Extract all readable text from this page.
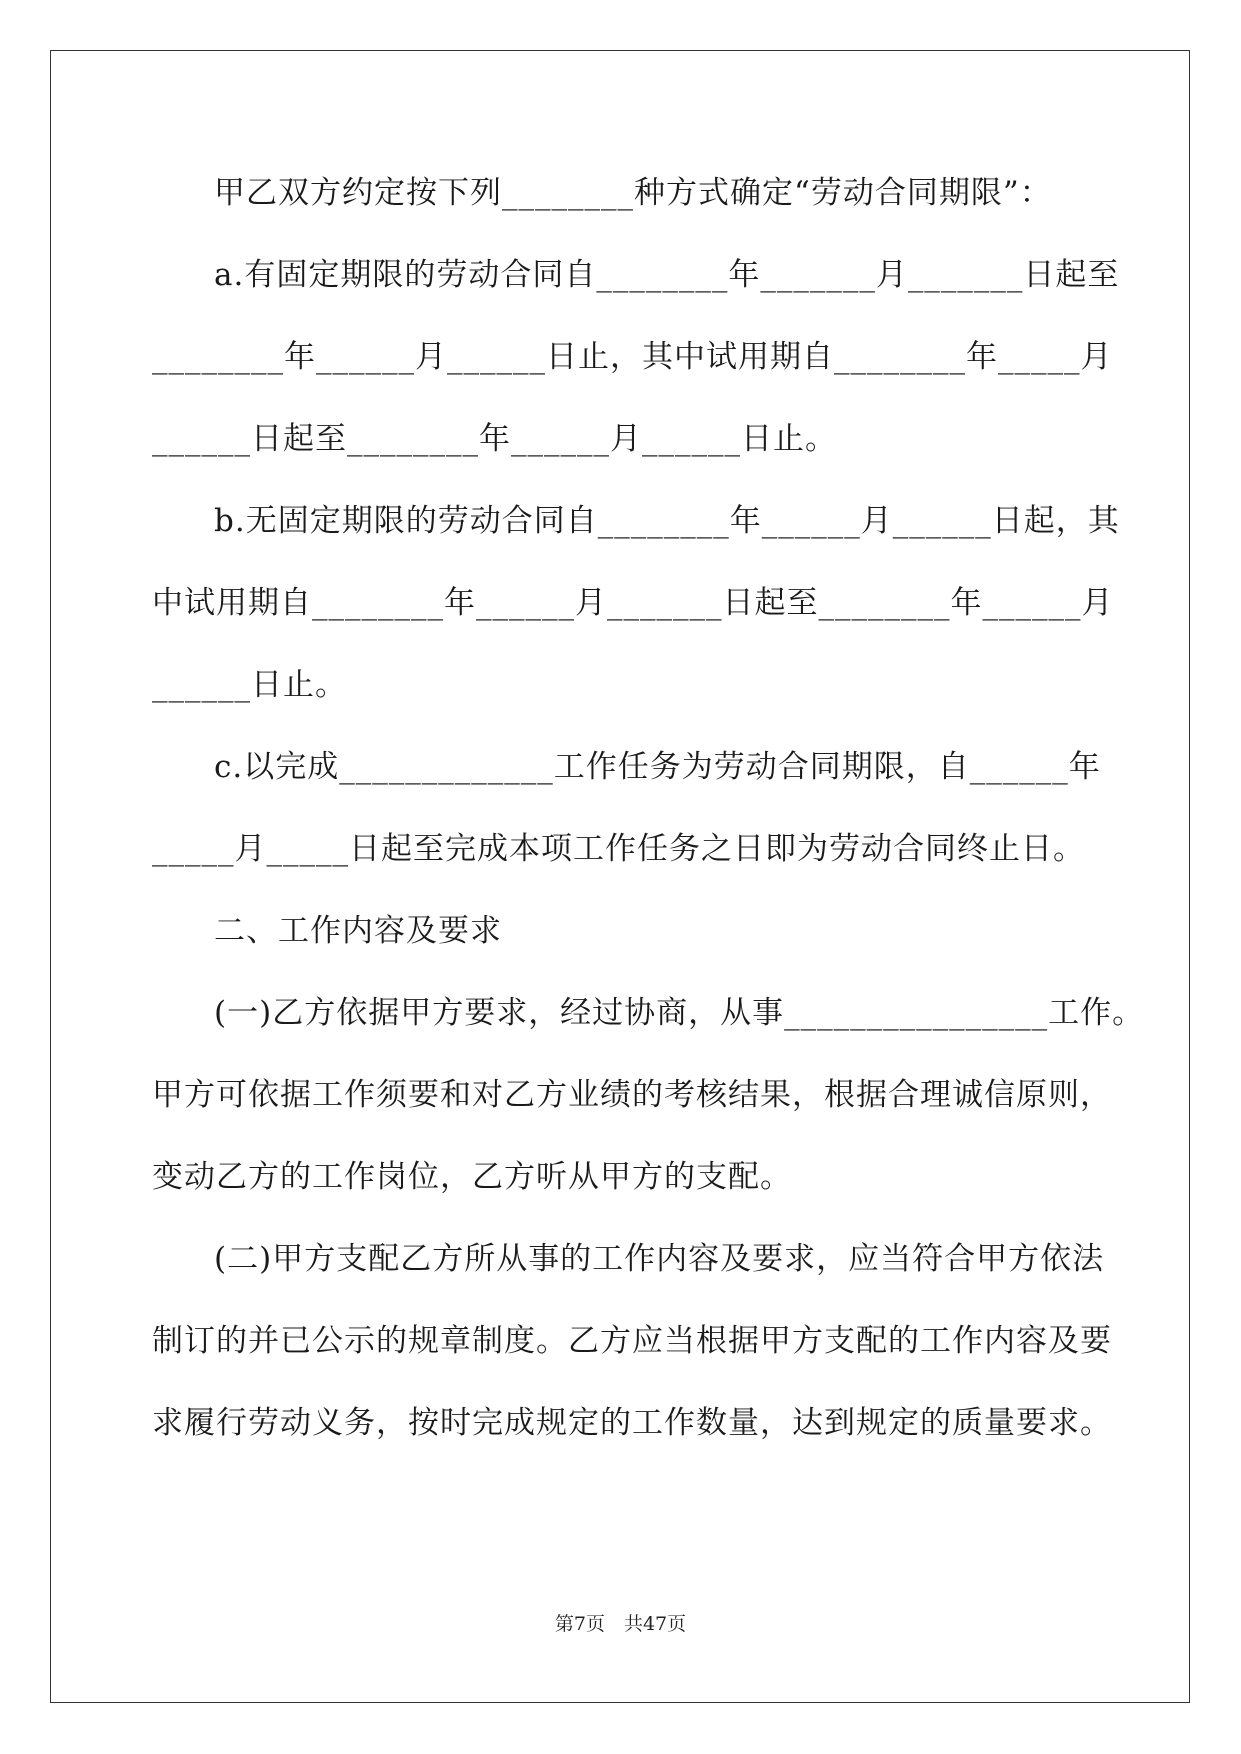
甲乙双方约定按下列________种方式确定“劳动合同期限”：

a.有固定期限的劳动合同自________年_______月_______日起至

________年______月______日止，其中试用期自________年_____月

______日起至________年______月______日止。

b.无固定期限的劳动合同自________年______月______日起，其

中试用期自________年______月_______日起至________年______月

______日止。

c.以完成_____________工作任务为劳动合同期限，自______年

_____月_____日起至完成本项工作任务之日即为劳动合同终止日。

二、工作内容及要求

(一)乙方依据甲方要求，经过协商，从事________________工作。

甲方可依据工作须要和对乙方业绩的考核结果，根据合理诚信原则，

变动乙方的工作岗位，乙方听从甲方的支配。

(二)甲方支配乙方所从事的工作内容及要求，应当符合甲方依法

制订的并已公示的规章制度。乙方应当根据甲方支配的工作内容及要

求履行劳动义务，按时完成规定的工作数量，达到规定的质量要求。

第7页　共47页
